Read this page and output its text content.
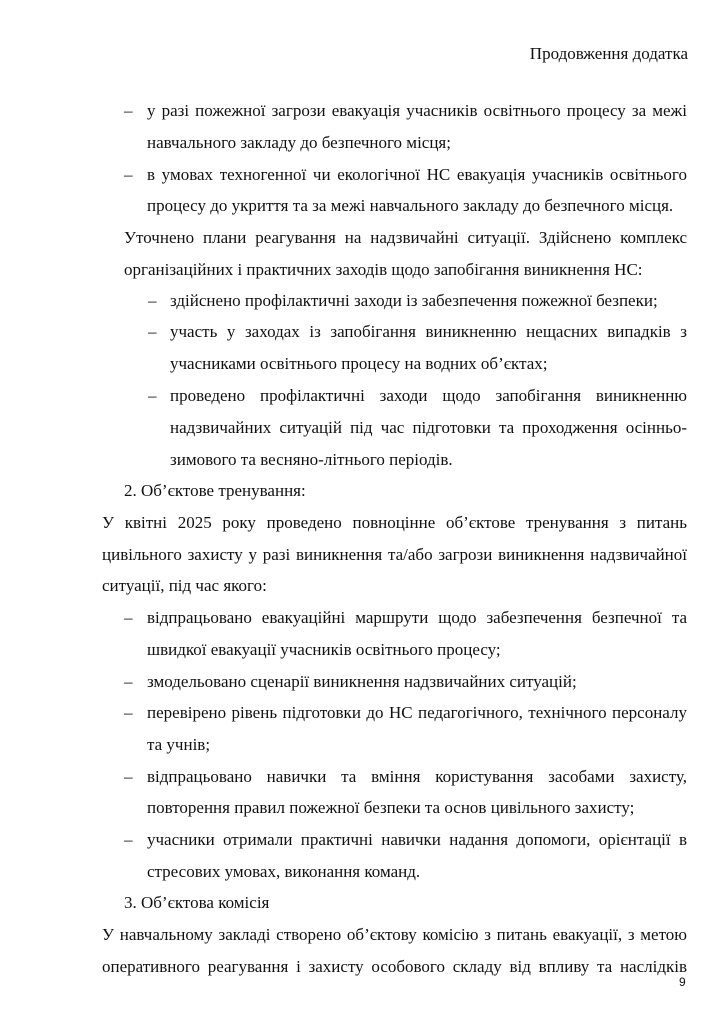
Продовження додатка
– у разі пожежної загрози евакуація учасників освітнього процесу за межі
навчального закладу до безпечного місця;
– в умовах техногенної чи екологічної НС евакуація учасників освітнього
процесу до укриття та за межі навчального закладу до безпечного місця.
Уточнено плани реагування на надзвичайні ситуації. Здійснено комплекс
організаційних і практичних заходів щодо запобігання виникнення НС:
– здійснено профілактичні заходи із забезпечення пожежної безпеки;
– участь у заходах із запобігання виникненню нещасних випадків з
учасниками освітнього процесу на водних об’єктах;
– проведено профілактичні заходи щодо запобігання виникненню
надзвичайних ситуацій під час підготовки та проходження осінньо-
зимового та весняно-літнього періодів.
2. Об’єктове тренування:
У квітні 2025 року проведено повноцінне об’єктове тренування з питань
цивільного захисту у разі виникнення та/або загрози виникнення надзвичайної
ситуації, під час якого:
– відпрацьовано евакуаційні маршрути щодо забезпечення безпечної та
швидкої евакуації учасників освітнього процесу;
– змодельовано сценарії виникнення надзвичайних ситуацій;
– перевірено рівень підготовки до НС педагогічного, технічного персоналу
та учнів;
– відпрацьовано навички та вміння користування засобами захисту,
повторення правил пожежної безпеки та основ цивільного захисту;
– учасники отримали практичні навички надання допомоги, орієнтації в
стресових умовах, виконання команд.
3. Об’єктова комісія
У навчальному закладі створено об’єктову комісію з питань евакуації, з метою
оперативного реагування і захисту особового складу від впливу та наслідків
9
